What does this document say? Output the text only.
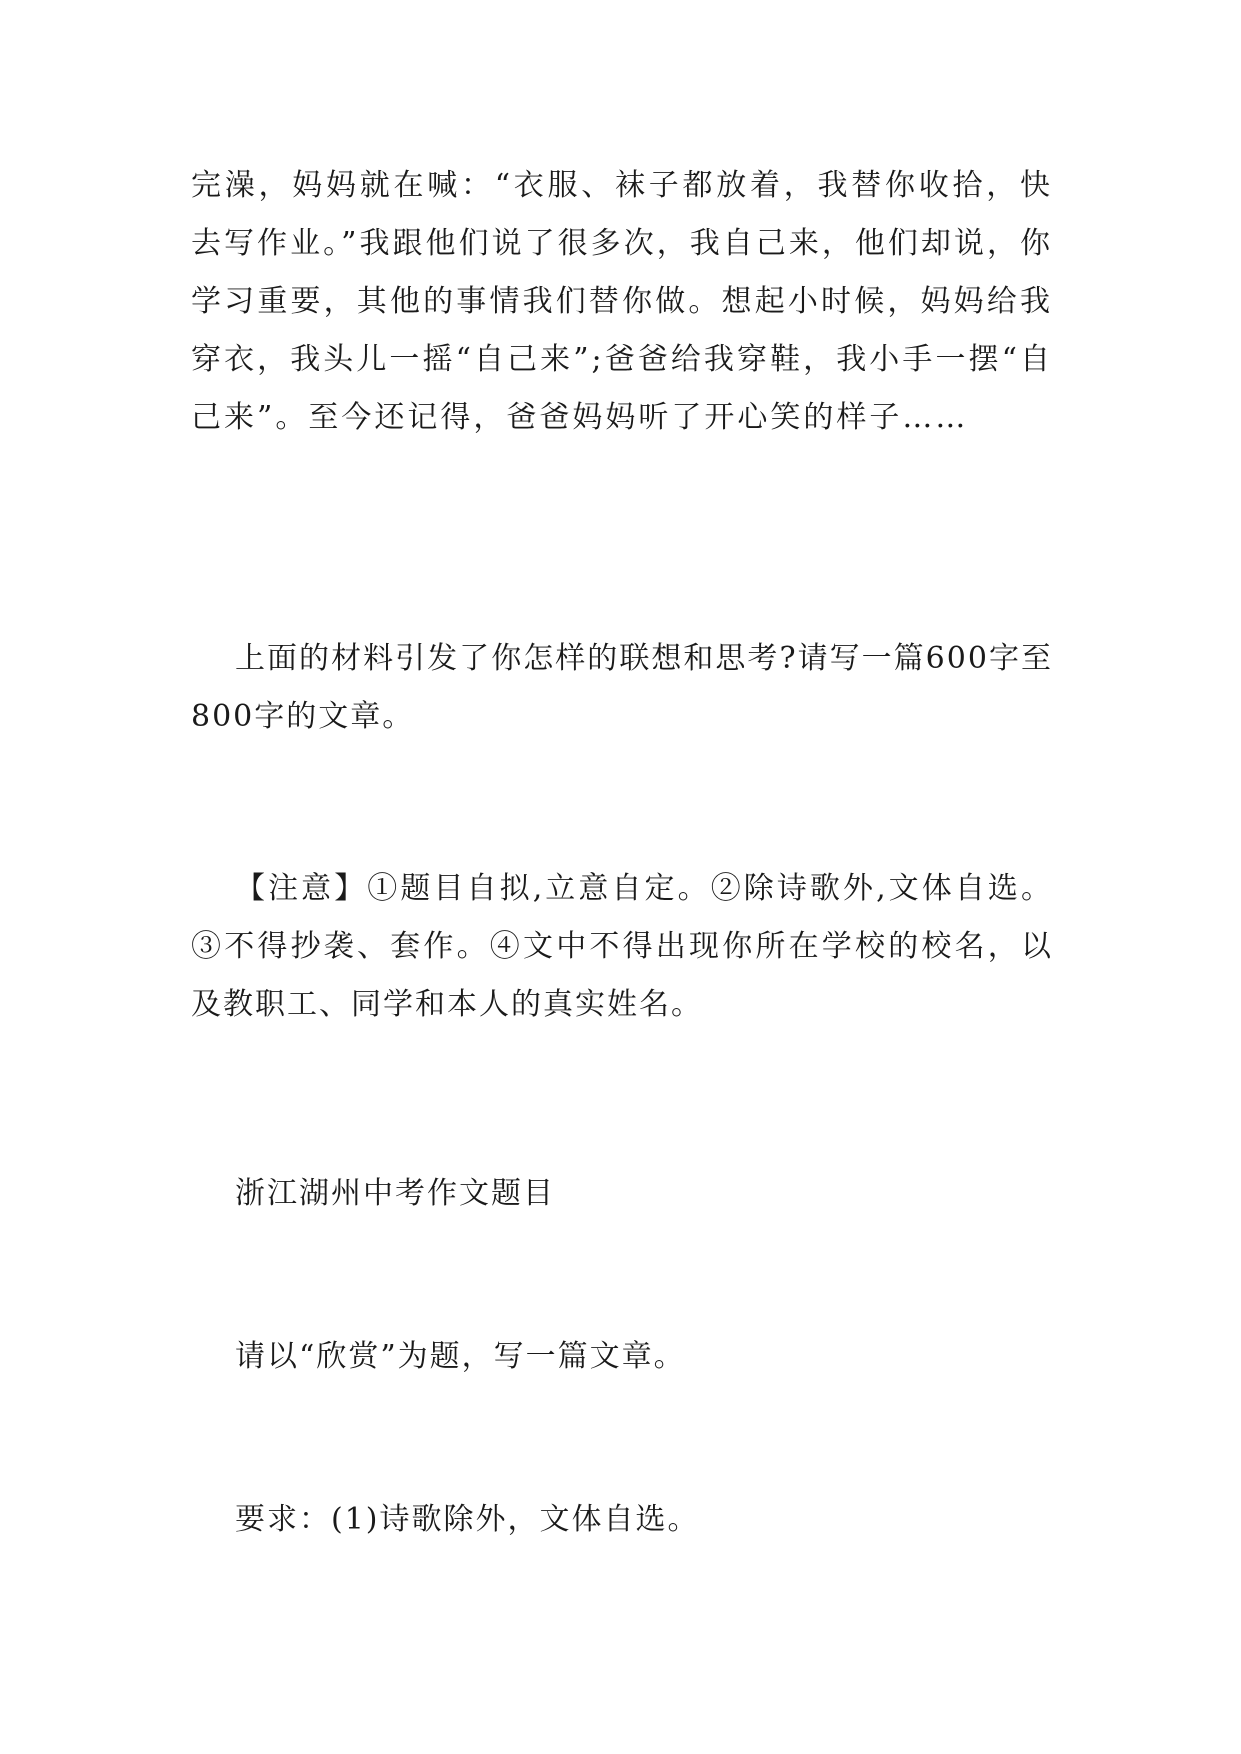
完澡，妈妈就在喊：“衣服、袜子都放着，我替你收拾，快去写作业。”我跟他们说了很多次，我自己来，他们却说，你学习重要，其他的事情我们替你做。想起小时候，妈妈给我穿衣，我头儿一摇“自己来”;爸爸给我穿鞋，我小手一摆“自己来”。至今还记得，爸爸妈妈听了开心笑的样子……

上面的材料引发了你怎样的联想和思考?请写一篇600字至800字的文章。

【注意】①题目自拟,立意自定。②除诗歌外,文体自选。③不得抄袭、套作。④文中不得出现你所在学校的校名，以及教职工、同学和本人的真实姓名。

浙江湖州中考作文题目

请以“欣赏”为题，写一篇文章。

要求：(1)诗歌除外，文体自选。
